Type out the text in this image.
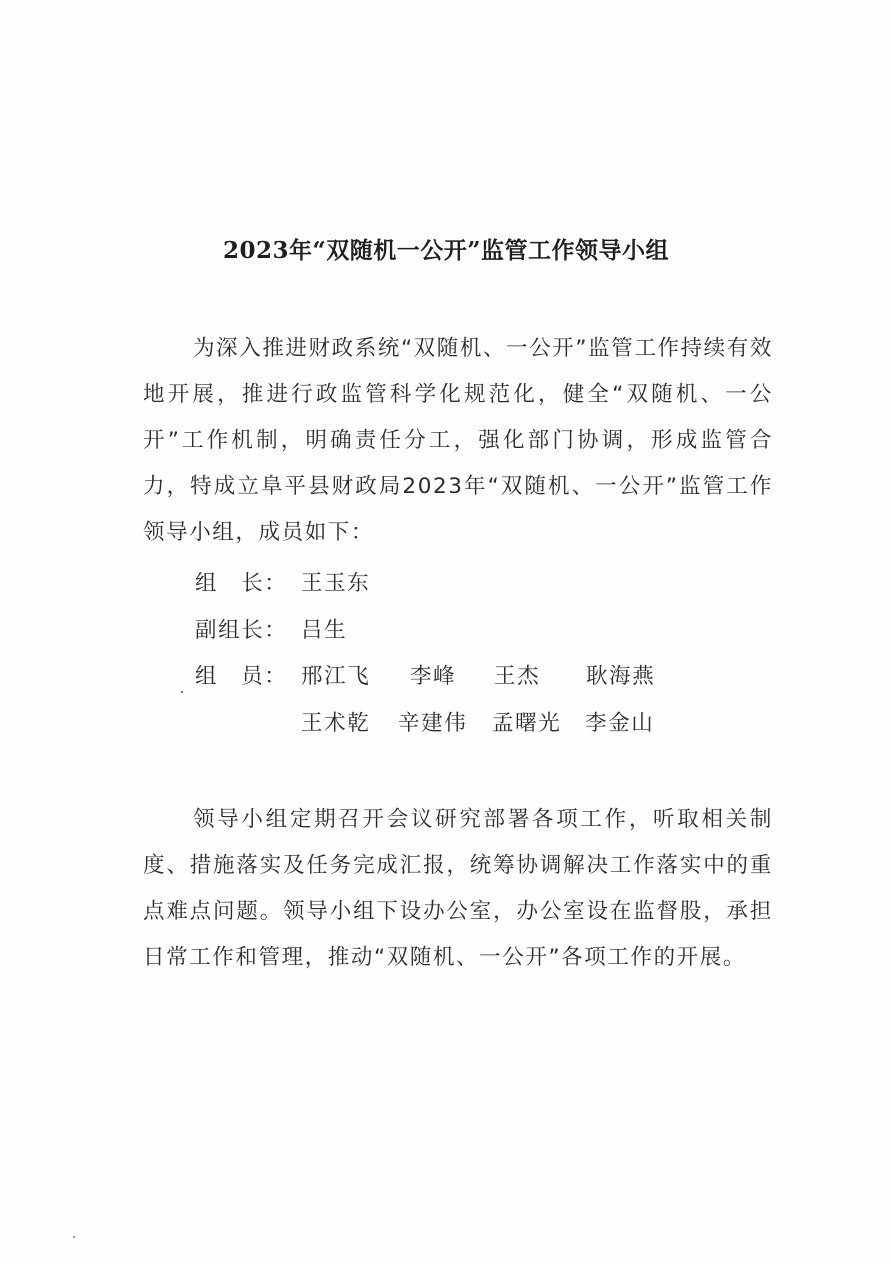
2023年“双随机一公开”监管工作领导小组

为深入推进财政系统“双随机、一公开”监管工作持续有效地开展，推进行政监管科学化规范化，健全“双随机、一公开”工作机制，明确责任分工，强化部门协调，形成监管合力，特成立阜平县财政局2023年“双随机、一公开”监管工作领导小组，成员如下：

组　长： 王玉东
副组长： 吕生
组　员： 邢江飞 李峰 王杰 耿海燕
王术乾 辛建伟 孟曙光 李金山

领导小组定期召开会议研究部署各项工作，听取相关制度、措施落实及任务完成汇报，统筹协调解决工作落实中的重点难点问题。领导小组下设办公室，办公室设在监督股，承担日常工作和管理，推动“双随机、一公开”各项工作的开展。
